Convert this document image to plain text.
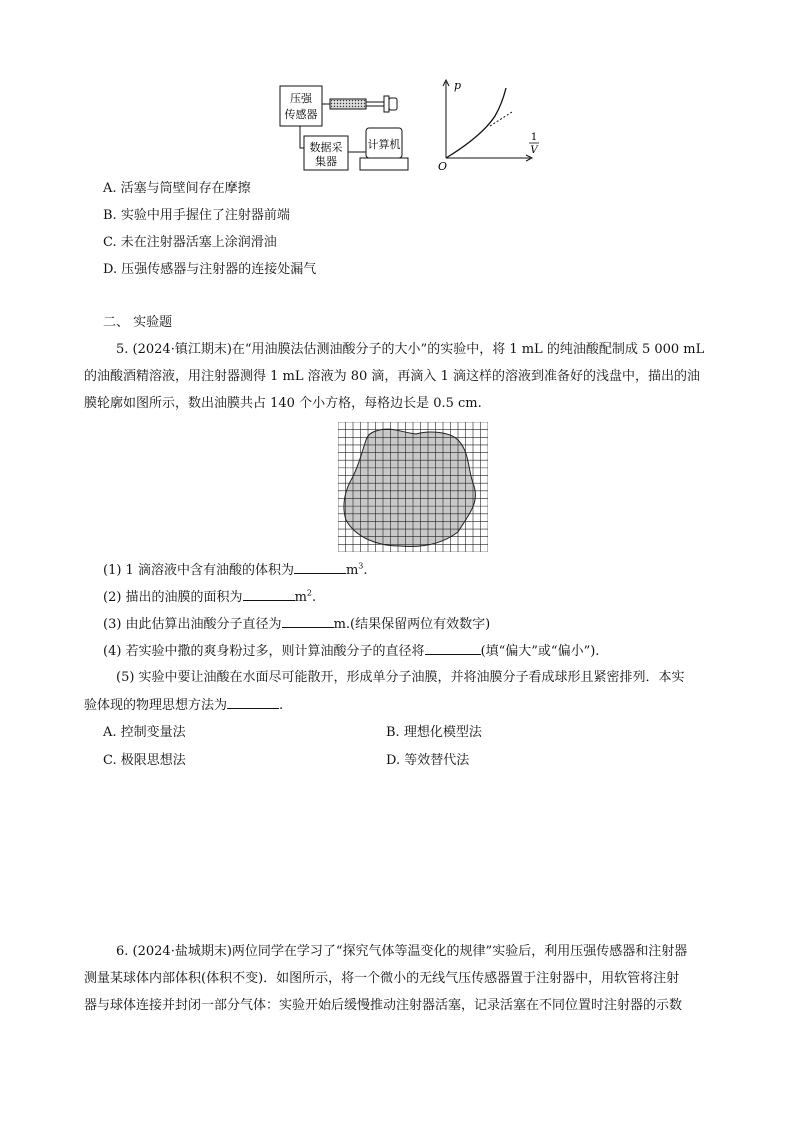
压强
传感器
数据采
集器
计算机
p
O
1
V

A. 活塞与筒壁间存在摩擦

B. 实验中用手握住了注射器前端

C. 未在注射器活塞上涂润滑油

D. 压强传感器与注射器的连接处漏气

二、 实验题

5. (2024·镇江期末)在“用油膜法估测油酸分子的大小”的实验中，将 1 mL 的纯油酸配制成 5 000 mL

的油酸酒精溶液，用注射器测得 1 mL 溶液为 80 滴，再滴入 1 滴这样的溶液到准备好的浅盘中，描出的油

膜轮廓如图所示，数出油膜共占 140 个小方格，每格边长是 0.5 cm.

(1) 1 滴溶液中含有油酸的体积为	$m^3$.

(2) 描出的油膜的面积为	$m^2$.

(3) 由此估算出油酸分子直径为	m.(结果保留两位有效数字)

(4) 若实验中撒的爽身粉过多，则计算油酸分子的直径将	(填“偏大”或“偏小”).

(5) 实验中要让油酸在水面尽可能散开，形成单分子油膜，并将油膜分子看成球形且紧密排列．本实

验体现的物理思想方法为	.

A. 控制变量法	B. 理想化模型法

C. 极限思想法	D. 等效替代法

6. (2024·盐城期末)两位同学在学习了“探究气体等温变化的规律”实验后，利用压强传感器和注射器

测量某球体内部体积(体积不变)．如图所示，将一个微小的无线气压传感器置于注射器中，用软管将注射

器与球体连接并封闭一部分气体：实验开始后缓慢推动注射器活塞，记录活塞在不同位置时注射器的示数
